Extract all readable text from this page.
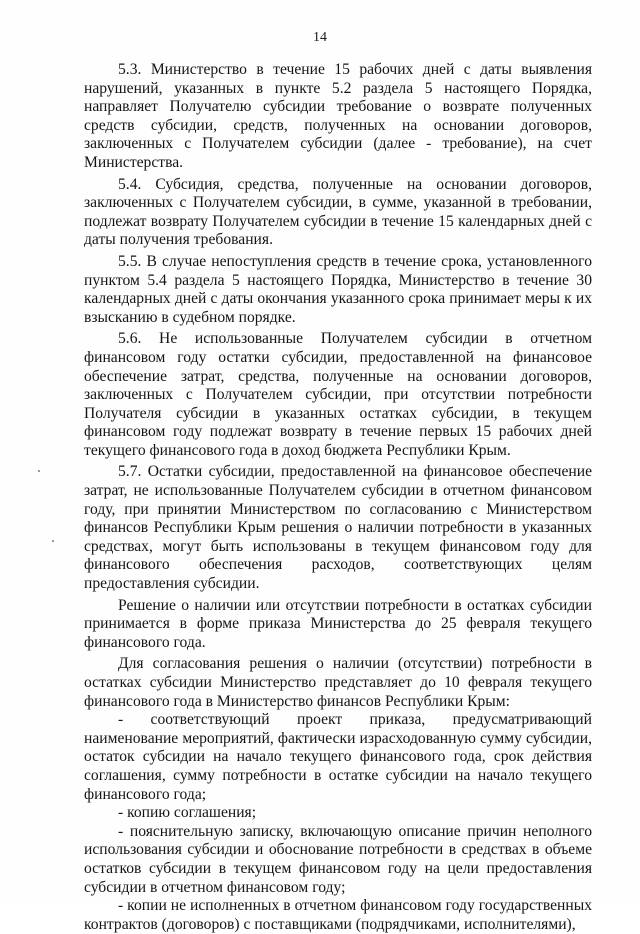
14

5.3. Министерство в течение 15 рабочих дней с даты выявления нарушений, указанных в пункте 5.2 раздела 5 настоящего Порядка, направляет Получателю субсидии требование о возврате полученных средств субсидии, средств, полученных на основании договоров, заключенных с Получателем субсидии (далее - требование), на счет Министерства.

5.4. Субсидия, средства, полученные на основании договоров, заключенных с Получателем субсидии, в сумме, указанной в требовании, подлежат возврату Получателем субсидии в течение 15 календарных дней с даты получения требования.

5.5. В случае непоступления средств в течение срока, установленного пунктом 5.4 раздела 5 настоящего Порядка, Министерство в течение 30 календарных дней с даты окончания указанного срока принимает меры к их взысканию в судебном порядке.

5.6. Не использованные Получателем субсидии в отчетном финансовом году остатки субсидии, предоставленной на финансовое обеспечение затрат, средства, полученные на основании договоров, заключенных с Получателем субсидии, при отсутствии потребности Получателя субсидии в указанных остатках субсидии, в текущем финансовом году подлежат возврату в течение первых 15 рабочих дней текущего финансового года в доход бюджета Республики Крым.

5.7. Остатки субсидии, предоставленной на финансовое обеспечение затрат, не использованные Получателем субсидии в отчетном финансовом году, при принятии Министерством по согласованию с Министерством финансов Республики Крым решения о наличии потребности в указанных средствах, могут быть использованы в текущем финансовом году для финансового обеспечения расходов, соответствующих целям предоставления субсидии.

Решение о наличии или отсутствии потребности в остатках субсидии принимается в форме приказа Министерства до 25 февраля текущего финансового года.

Для согласования решения о наличии (отсутствии) потребности в остатках субсидии Министерство представляет до 10 февраля текущего финансового года в Министерство финансов Республики Крым:

- соответствующий проект приказа, предусматривающий наименование мероприятий, фактически израсходованную сумму субсидии, остаток субсидии на начало текущего финансового года, срок действия соглашения, сумму потребности в остатке субсидии на начало текущего финансового года;

- копию соглашения;

- пояснительную записку, включающую описание причин неполного использования субсидии и обоснование потребности в средствах в объеме остатков субсидии в текущем финансовом году на цели предоставления субсидии в отчетном финансовом году;

- копии не исполненных в отчетном финансовом году государственных контрактов (договоров) с поставщиками (подрядчиками, исполнителями),
